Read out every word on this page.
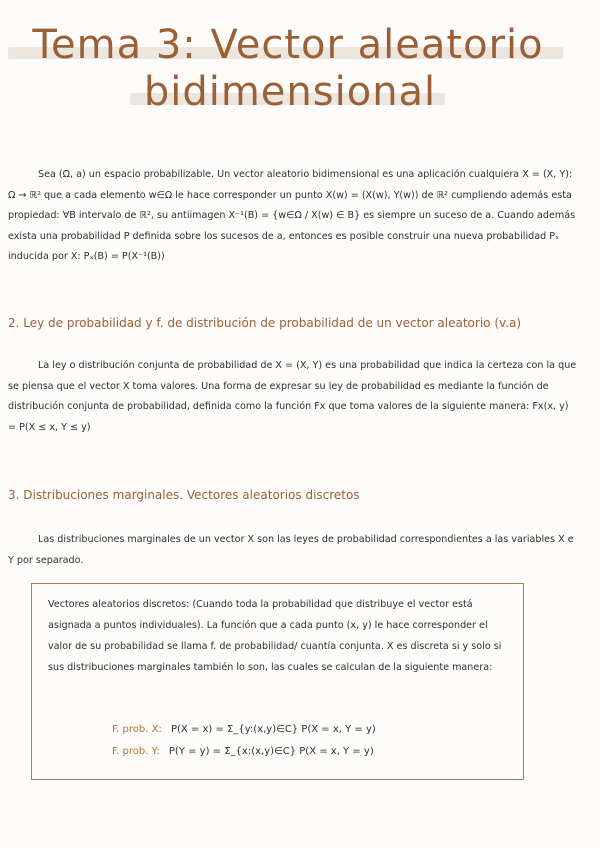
Tema 3: Vector aleatorio
bidimensional

Sea (Ω, a) un espacio probabilizable. Un vector aleatorio bidimensional es una aplicación cualquiera X = (X, Y): Ω → ℝ² que a cada elemento w∈Ω le hace corresponder un punto X(w) = (X(w), Y(w)) de ℝ² cumpliendo además esta propiedad: ∀B intervalo de ℝ², su antiimagen X⁻¹(B) = {w∈Ω / X(w) ∈ B} es siempre un suceso de a. Cuando además exista una probabilidad P definida sobre los sucesos de a, entonces es posible construir una nueva probabilidad Pₓ inducida por X: Pₓ(B) = P(X⁻¹(B))

2. Ley de probabilidad y f. de distribución de probabilidad de un vector aleatorio (v.a)

La ley o distribución conjunta de probabilidad de X = (X, Y) es una probabilidad que indica la certeza con la que se piensa que el vector X toma valores. Una forma de expresar su ley de probabilidad es mediante la función de distribución conjunta de probabilidad, definida como la función Fx que toma valores de la siguiente manera: Fx(x, y) = P(X ≤ x, Y ≤ y)

3. Distribuciones marginales. Vectores aleatorios discretos

Las distribuciones marginales de un vector X son las leyes de probabilidad correspondientes a las variables X e Y por separado.

Vectores aleatorios discretos: (Cuando toda la probabilidad que distribuye el vector está asignada a puntos individuales). La función que a cada punto (x, y) le hace corresponder el valor de su probabilidad se llama f. de probabilidad/ cuantía conjunta. X es discreta si y solo si sus distribuciones marginales también lo son, las cuales se calculan de la siguiente manera:

F. prob. X: P(X = x) = Σ_{y:(x,y)∈C} P(X = x, Y = y)
F. prob. Y: P(Y = y) = Σ_{x:(x,y)∈C} P(X = x, Y = y)
